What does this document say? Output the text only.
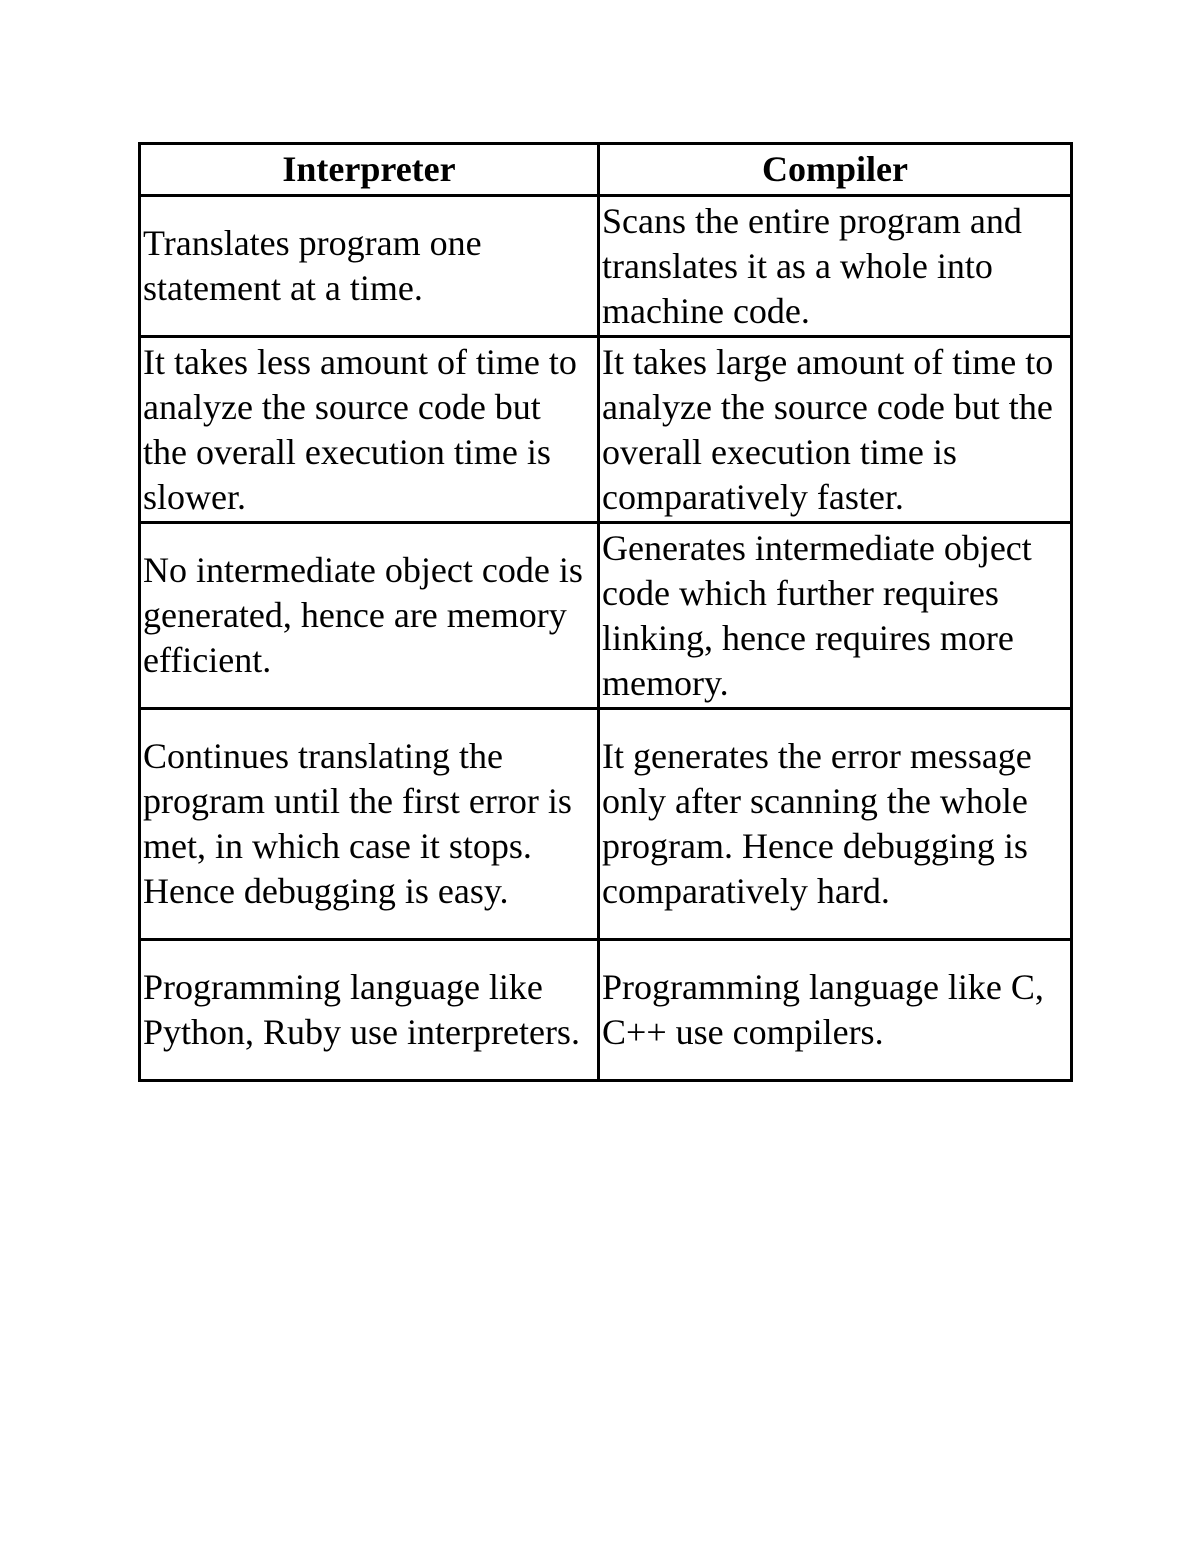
Interpreter	Compiler
Translates program one statement at a time.	Scans the entire program and translates it as a whole into machine code.
It takes less amount of time to analyze the source code but the overall execution time is slower.	It takes large amount of time to analyze the source code but the overall execution time is comparatively faster.
No intermediate object code is generated, hence are memory efficient.	Generates intermediate object code which further requires linking, hence requires more memory.
Continues translating the program until the first error is met, in which case it stops. Hence debugging is easy.	It generates the error message only after scanning the whole program. Hence debugging is comparatively hard.
Programming language like Python, Ruby use interpreters.	Programming language like C, C++ use compilers.
